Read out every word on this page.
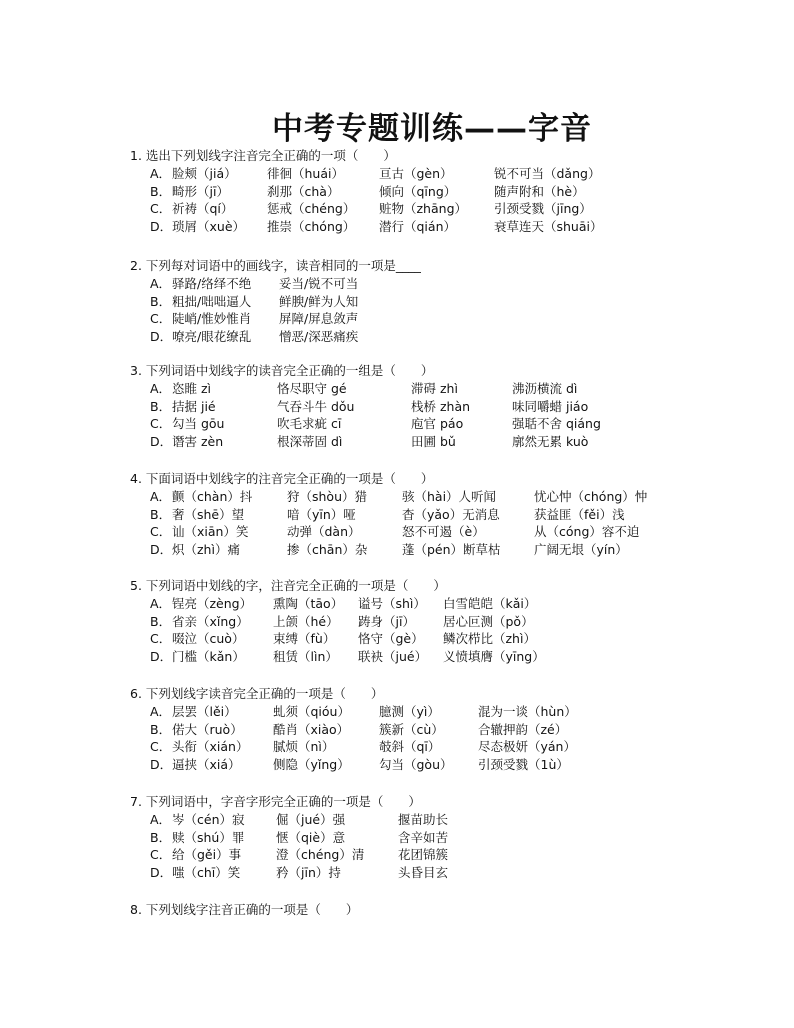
中考专题训练——字音
1. 选出下列划线字注音完全正确的一项（　　）
A． 脸颊（jiá） 徘徊（huái）	亘古（gèn）	锐不可当（dǎng）
B． 畸形（jī）	刹那（chà）	倾向（qīng）	随声附和（hè）
C． 祈祷（qí）	惩戒（chéng） 赃物（zhāng） 引颈受戮（jīng）
D． 琐屑（xuè） 推崇（chóng） 潜行（qián）	衰草连天（shuāi）
2. 下列每对词语中的画线字，读音相同的一项是____
A． 驿路/络绎不绝 妥当/锐不可当
B． 粗拙/咄咄逼人 鲜腴/鲜为人知
C． 陡峭/惟妙惟肖 屏障/屏息敛声
D． 嘹亮/眼花缭乱 憎恶/深恶痛疾
3. 下列词语中划线字的读音完全正确的一组是（　　）
A． 恣睢 zì	恪尽职守 gé	滞碍 zhì	沸沥横流 dì
B． 拮据 jié	气吞斗牛 dǒu	栈桥 zhàn	味同嚼蜡 jiáo
C． 勾当 gōu	吹毛求疵 cī	庖官 páo	强聒不舍 qiáng
D． 谮害 zèn	根深蒂固 dì	田圃 bǔ	廓然无累 kuò
4. 下面词语中划线字的注音完全正确的一项是（　　）
A． 颤（chàn）抖	狩（shòu）猎	骇（hài）人听闻	忧心忡（chóng）忡
B． 奢（shē）望	喑（yīn）哑	杳（yǎo）无消息	获益匪（fěi）浅
C． 讪（xiān）笑	动弹（dàn）	怒不可遏（è）	从（cóng）容不迫
D． 炽（zhì）痛	掺（chān）杂	蓬（pén）断草枯	广阔无垠（yín）
5. 下列词语中划线的字，注音完全正确的一项是（　　）
A． 锃亮（zèng） 熏陶（tāo） 谥号（shì） 白雪皑皑（kǎi）
B． 省亲（xǐng） 上颌（hé） 踌身（jī） 居心叵测（pǒ）
C． 啜泣（cuò） 束缚（fù） 恪守（gè） 鳞次栉比（zhì）
D． 门槛（kǎn） 租赁（lìn） 联袂（jué） 义愤填膺（yīng）
6. 下列划线字读音完全正确的一项是（　　）
A． 层罢（lěi）	虬须（qióu） 臆测（yì）	混为一谈（hùn）
B． 偌大（ruò） 酷肖（xiào） 簇新（cù）	合辙押韵（zé）
C． 头衔（xián） 腻烦（nì）	攲斜（qī）	尽态极妍（yán）
D． 逼挟（xiá）	侧隐（yǐng） 勾当（gòu） 引颈受戮（1ù）
7. 下列词语中，字音字形完全正确的一项是（　　）
A． 岑（cén）寂	倔（jué）强	揠苗助长
B． 赎（shú）罪	惬（qiè）意	含辛如苦
C． 给（gěi）事	澄（chéng）清	花团锦簇
D． 嗤（chī）笑	矜（jīn）持	头昏目玄
8. 下列划线字注音正确的一项是（　　）
